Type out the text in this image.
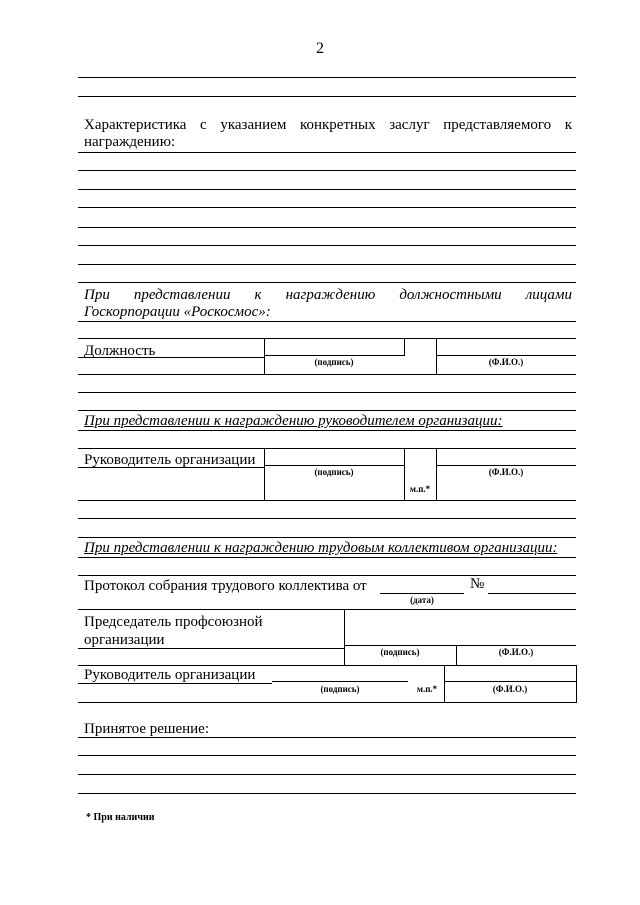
2
Характеристика с указанием конкретных заслуг представляемого к
награждению:
При представлении к награждению должностными лицами
Госкорпорации «Роскосмос»:
Должность
(подпись)	(Ф.И.О.)
При представлении к награждению руководителем организации:
Руководитель организации
(подпись)	(Ф.И.О.)
м.п.*
При представлении к награждению трудовым коллективом организации:
Протокол собрания трудового коллектива от	№
(дата)
Председатель профсоюзной
организации
(подпись)	(Ф.И.О.)
Руководитель организации
(подпись)	м.п.*	(Ф.И.О.)
Принятое решение:
* При наличии
